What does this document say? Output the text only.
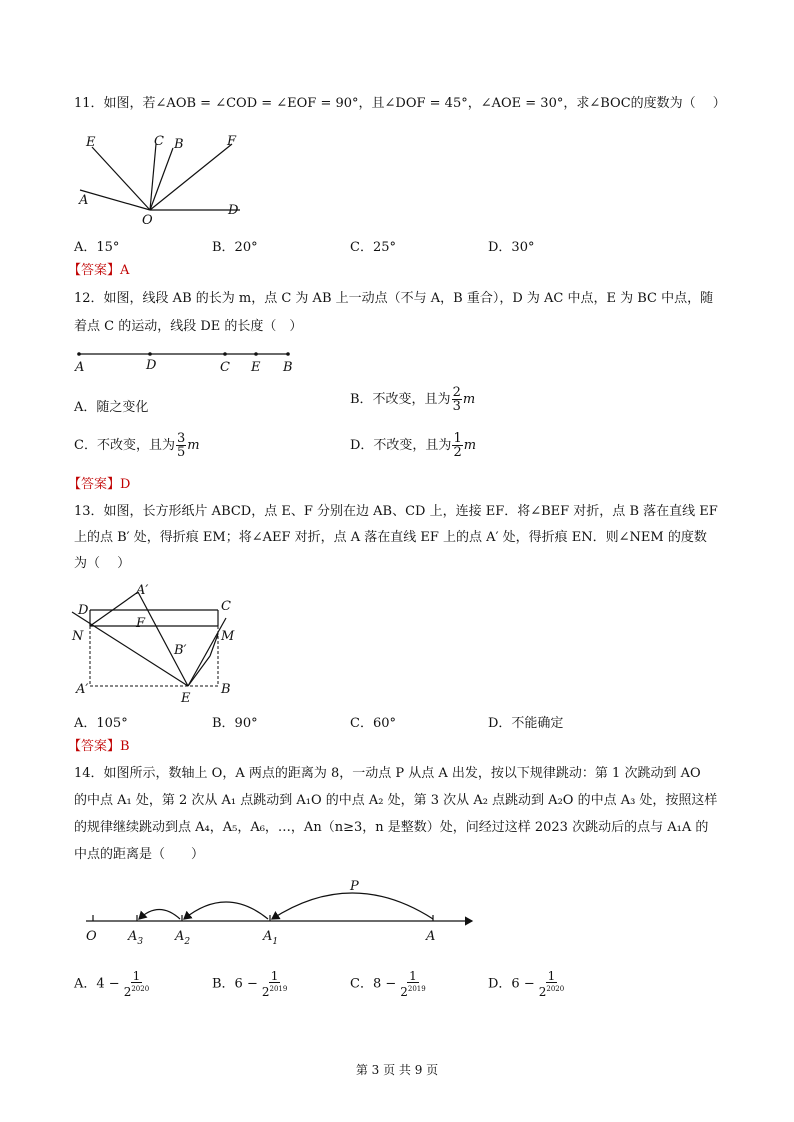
11．如图，若∠AOB = ∠COD = ∠EOF = 90°，且∠DOF = 45°，∠AOE = 30°，求∠BOC的度数为（　 ）
E	C B	F
A
O
D
A．15°	B．20°	C．25°	D．30°
【答案】A
12．如图，线段 AB 的长为 m，点 C 为 AB 上一动点（不与 A，B 重合），D 为 AC 中点，E 为 BC 中点，随
着点 C 的运动，线段 DE 的长度（　）
A	D	C E B
A．随之变化
B．不改变，且为 $\frac{2}{3}$ m
C．不改变，且为 $\frac{3}{5}$ m	D．不改变，且为 $\frac{1}{2}$ m
【答案】D
13．如图，长方形纸片 ABCD，点 E、F 分别在边 AB、CD 上，连接 EF．将∠BEF 对折，点 B 落在直线 EF
上的点 B′ 处，得折痕 EM；将∠AEF 对折，点 A 落在直线 EF 上的点 A′ 处，得折痕 EN．则∠NEM 的度数
为（　 ）
A′
D	C
F
N	M
B′
A′
E
B
A．105°	B．90°	C．60°	D．不能确定
【答案】B
14．如图所示，数轴上 O，A 两点的距离为 8，一动点 P 从点 A 出发，按以下规律跳动：第 1 次跳动到 AO
的中点 A₁ 处，第 2 次从 A₁ 点跳动到 A₁O 的中点 A₂ 处，第 3 次从 A₂ 点跳动到 A₂O 的中点 A₃ 处，按照这样
的规律继续跳动到点 A₄，A₅，A₆，…，An（n≥3，n 是整数）处，问经过这样 2023 次跳动后的点与 A₁A 的
中点的距离是（　　）
P
O $A_3$ $A_2$	$A_1$	A
A．$4 - \frac{1}{2^{2020}}$	B．$6 - \frac{1}{2^{2019}}$	C．$8 - \frac{1}{2^{2019}}$	D．$6 - \frac{1}{2^{2020}}$
第 3 页 共 9 页
